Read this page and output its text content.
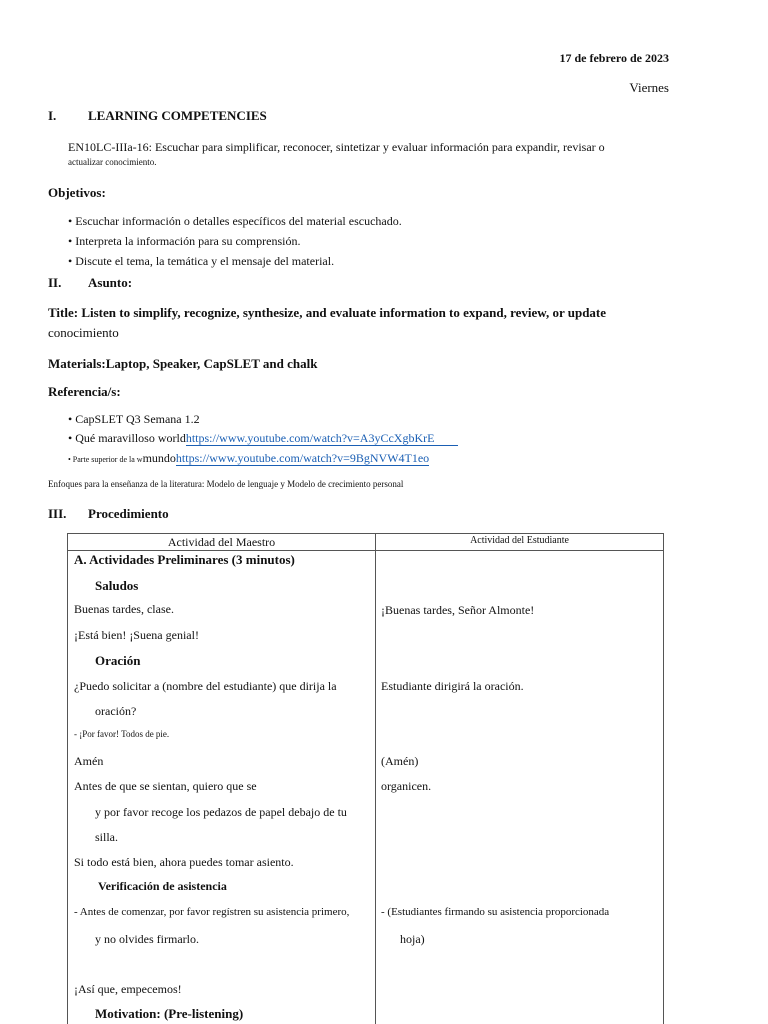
17 de febrero de 2023
Viernes
I. LEARNING COMPETENCIES
EN10LC-IIIa-16: Escuchar para simplificar, reconocer, sintetizar y evaluar información para expandir, revisar o
actualizar conocimiento.
Objetivos:
• Escuchar información o detalles específicos del material escuchado.
• Interpreta la información para su comprensión.
• Discute el tema, la temática y el mensaje del material.
II. Asunto:
Title: Listen to simplify, recognize, synthesize, and evaluate information to expand, review, or update
conocimiento
Materials:Laptop, Speaker, CapSLET and chalk
Referencia/s:
• CapSLET Q3 Semana 1.2
• Qué maravilloso worldhttps://www.youtube.com/watch?v=A3yCcXgbKrE
• Parte superior de la wmundohttps://www.youtube.com/watch?v=9BgNVW4T1eo
Enfoques para la enseñanza de la literatura: Modelo de lenguaje y Modelo de crecimiento personal
III. Procedimiento
Actividad del Maestro	Actividad del Estudiante
A. Actividades Preliminares (3 minutos)
Saludos
Buenas tardes, clase.
¡Está bien! ¡Suena genial!
Oración
¿Puedo solicitar a (nombre del estudiante) que dirija la
oración?
- ¡Por favor! Todos de pie.
Amén
Antes de que se sientan, quiero que se
y por favor recoge los pedazos de papel debajo de tu
silla.
Si todo está bien, ahora puedes tomar asiento.
Verificación de asistencia
- Antes de comenzar, por favor regístren su asistencia primero,
y no olvides firmarlo.
¡Así que, empecemos!
Motivation: (Pre-listening)
¡Buenas tardes, Señor Almonte!
Estudiante dirigirá la oración.
(Amén)
organicen.
- (Estudiantes firmando su asistencia proporcionada
hoja)
